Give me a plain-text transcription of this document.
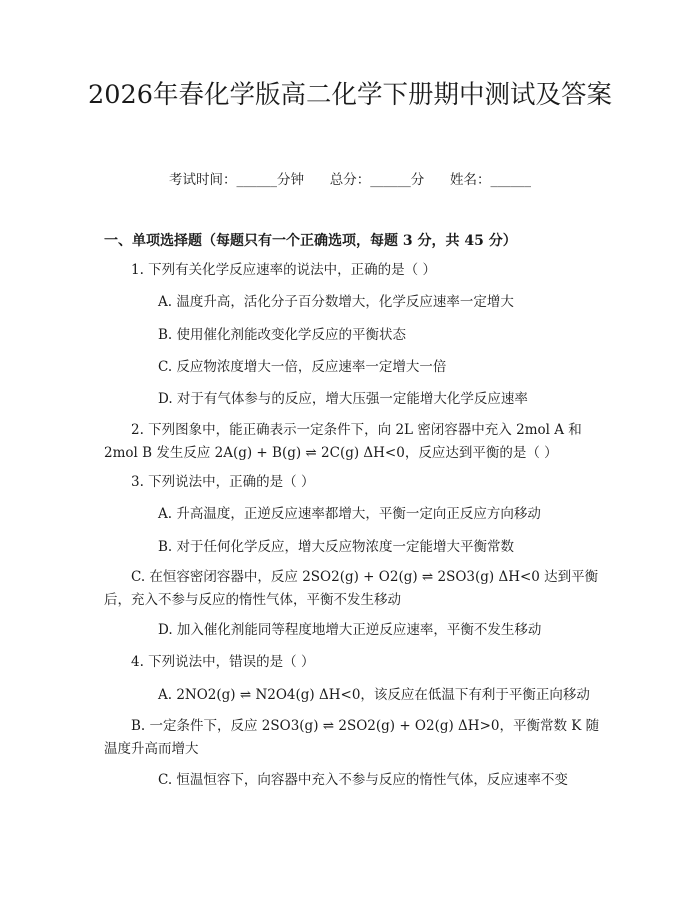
2026年春化学版高二化学下册期中测试及答案
考试时间：______分钟      总分：______分      姓名：______
一、单项选择题（每题只有一个正确选项，每题 3 分，共 45 分）
1. 下列有关化学反应速率的说法中，正确的是（ ）
A. 温度升高，活化分子百分数增大，化学反应速率一定增大
B. 使用催化剂能改变化学反应的平衡状态
C. 反应物浓度增大一倍，反应速率一定增大一倍
D. 对于有气体参与的反应，增大压强一定能增大化学反应速率
2. 下列图象中，能正确表示一定条件下，向 2L 密闭容器中充入 2mol A 和 2mol B 发生反应 2A(g) + B(g) ⇌ 2C(g) ΔH<0，反应达到平衡的是（ ）
3. 下列说法中，正确的是（ ）
A. 升高温度，正逆反应速率都增大，平衡一定向正反应方向移动
B. 对于任何化学反应，增大反应物浓度一定能增大平衡常数
C. 在恒容密闭容器中，反应 2SO2(g) + O2(g) ⇌ 2SO3(g) ΔH<0 达到平衡后，充入不参与反应的惰性气体，平衡不发生移动
D. 加入催化剂能同等程度地增大正逆反应速率，平衡不发生移动
4. 下列说法中，错误的是（ ）
A. 2NO2(g) ⇌ N2O4(g) ΔH<0，该反应在低温下有利于平衡正向移动
B. 一定条件下，反应 2SO3(g) ⇌ 2SO2(g) + O2(g) ΔH>0，平衡常数 K 随温度升高而增大
C. 恒温恒容下，向容器中充入不参与反应的惰性气体，反应速率不变
